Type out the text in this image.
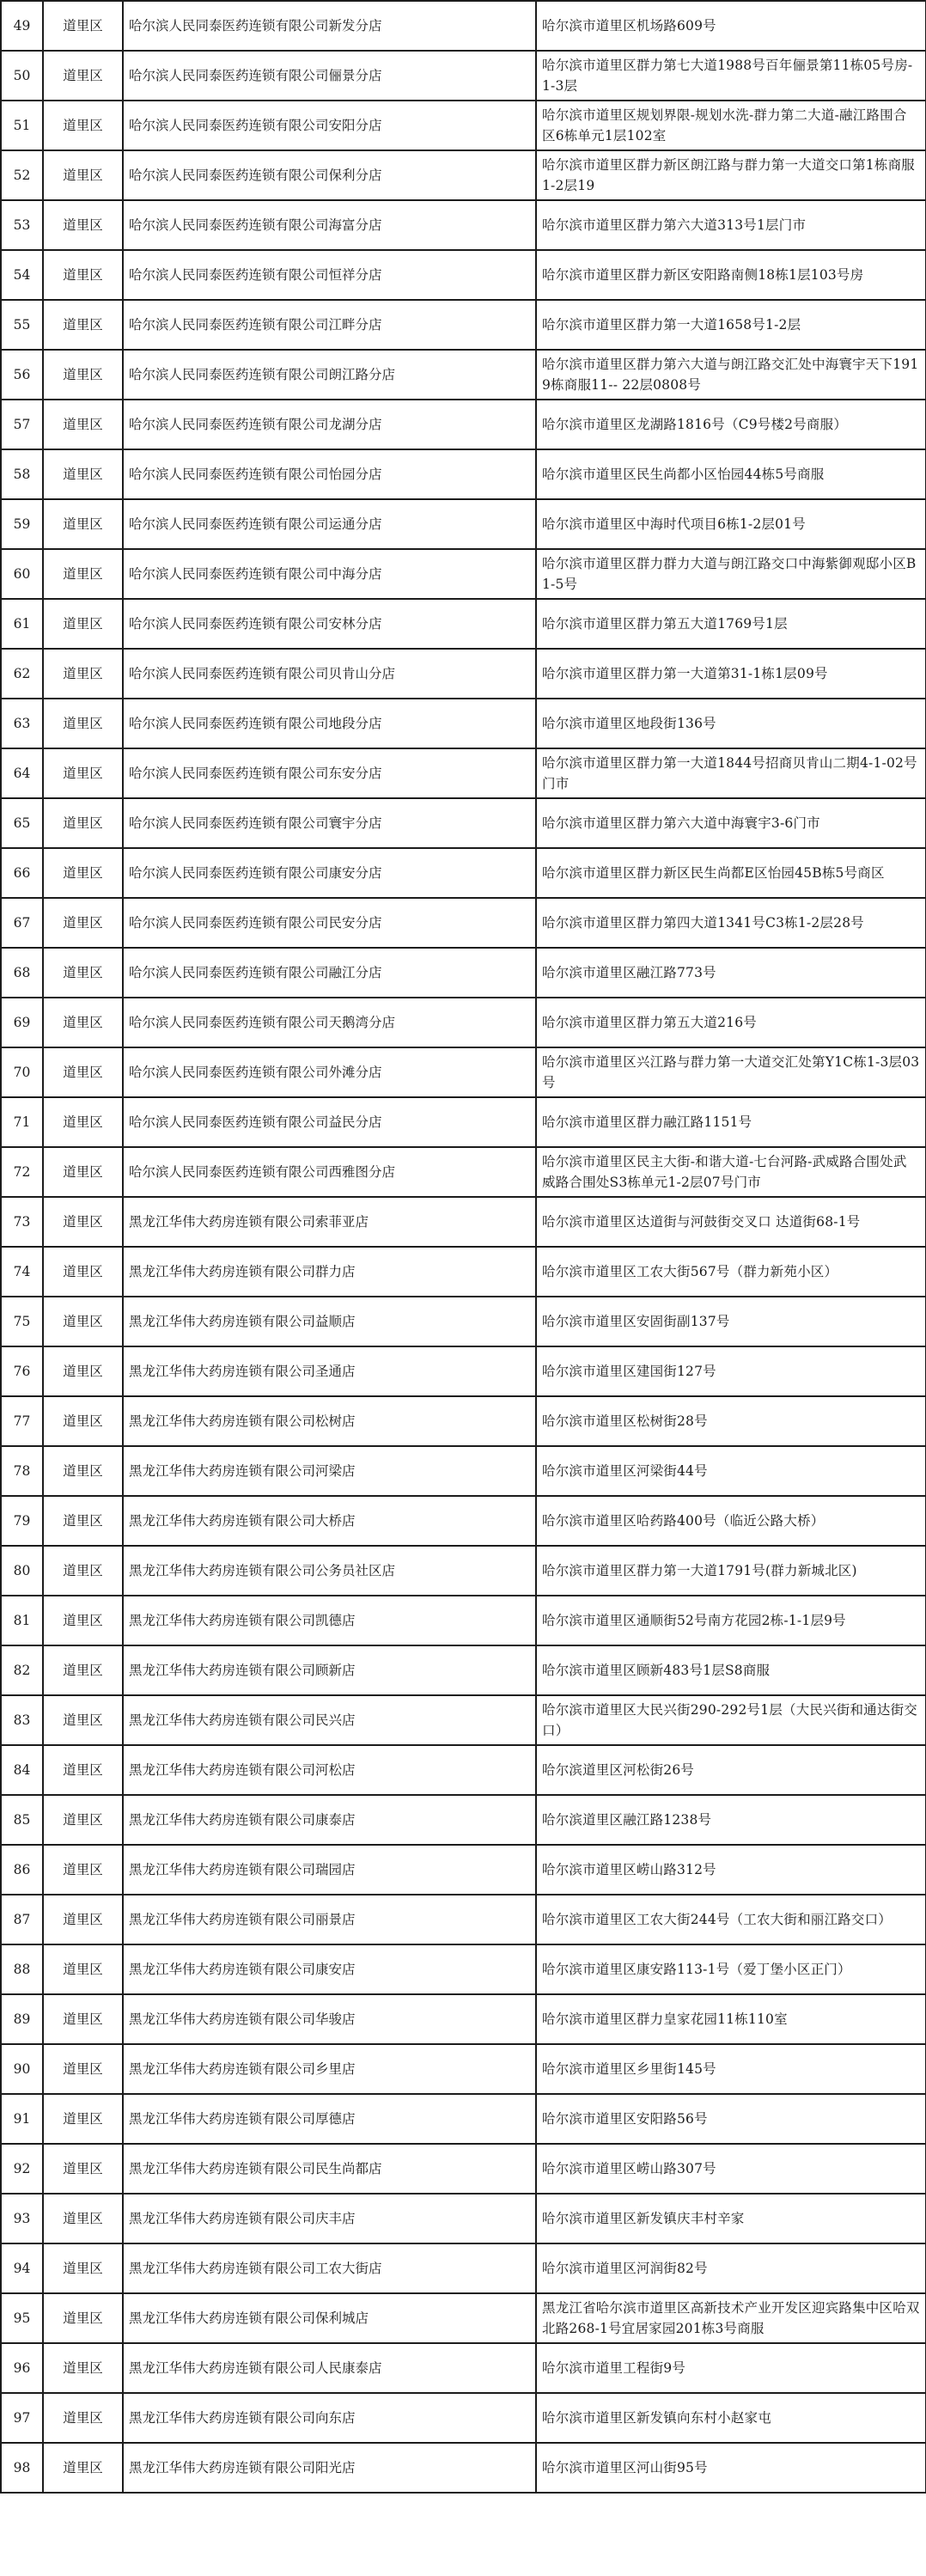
49	道里区	哈尔滨人民同泰医药连锁有限公司新发分店	哈尔滨市道里区机场路609号
50	道里区	哈尔滨人民同泰医药连锁有限公司俪景分店	哈尔滨市道里区群力第七大道1988号百年俪景第11栋05号房-1-3层
51	道里区	哈尔滨人民同泰医药连锁有限公司安阳分店	哈尔滨市道里区规划界限-规划水洗-群力第二大道-融江路围合区6栋单元1层102室
52	道里区	哈尔滨人民同泰医药连锁有限公司保利分店	哈尔滨市道里区群力新区朗江路与群力第一大道交口第1栋商服1-2层19
53	道里区	哈尔滨人民同泰医药连锁有限公司海富分店	哈尔滨市道里区群力第六大道313号1层门市
54	道里区	哈尔滨人民同泰医药连锁有限公司恒祥分店	哈尔滨市道里区群力新区安阳路南侧18栋1层103号房
55	道里区	哈尔滨人民同泰医药连锁有限公司江畔分店	哈尔滨市道里区群力第一大道1658号1-2层
56	道里区	哈尔滨人民同泰医药连锁有限公司朗江路分店	哈尔滨市道里区群力第六大道与朗江路交汇处中海寰宇天下1919栋商服11-- 22层0808号
57	道里区	哈尔滨人民同泰医药连锁有限公司龙湖分店	哈尔滨市道里区龙湖路1816号（C9号楼2号商服）
58	道里区	哈尔滨人民同泰医药连锁有限公司怡园分店	哈尔滨市道里区民生尚都小区怡园44栋5号商服
59	道里区	哈尔滨人民同泰医药连锁有限公司运通分店	哈尔滨市道里区中海时代项目6栋1-2层01号
60	道里区	哈尔滨人民同泰医药连锁有限公司中海分店	哈尔滨市道里区群力群力大道与朗江路交口中海紫御观邸小区B1-5号
61	道里区	哈尔滨人民同泰医药连锁有限公司安林分店	哈尔滨市道里区群力第五大道1769号1层
62	道里区	哈尔滨人民同泰医药连锁有限公司贝肯山分店	哈尔滨市道里区群力第一大道第31-1栋1层09号
63	道里区	哈尔滨人民同泰医药连锁有限公司地段分店	哈尔滨市道里区地段街136号
64	道里区	哈尔滨人民同泰医药连锁有限公司东安分店	哈尔滨市道里区群力第一大道1844号招商贝肯山二期4-1-02号门市
65	道里区	哈尔滨人民同泰医药连锁有限公司寰宇分店	哈尔滨市道里区群力第六大道中海寰宇3-6门市
66	道里区	哈尔滨人民同泰医药连锁有限公司康安分店	哈尔滨市道里区群力新区民生尚都E区怡园45B栋5号商区
67	道里区	哈尔滨人民同泰医药连锁有限公司民安分店	哈尔滨市道里区群力第四大道1341号C3栋1-2层28号
68	道里区	哈尔滨人民同泰医药连锁有限公司融江分店	哈尔滨市道里区融江路773号
69	道里区	哈尔滨人民同泰医药连锁有限公司天鹅湾分店	哈尔滨市道里区群力第五大道216号
70	道里区	哈尔滨人民同泰医药连锁有限公司外滩分店	哈尔滨市道里区兴江路与群力第一大道交汇处第Y1C栋1-3层03号
71	道里区	哈尔滨人民同泰医药连锁有限公司益民分店	哈尔滨市道里区群力融江路1151号
72	道里区	哈尔滨人民同泰医药连锁有限公司西雅图分店	哈尔滨市道里区民主大街-和谐大道-七台河路-武威路合围处武威路合围处S3栋单元1-2层07号门市
73	道里区	黑龙江华伟大药房连锁有限公司索菲亚店	哈尔滨市道里区达道街与河鼓街交叉口 达道街68-1号
74	道里区	黑龙江华伟大药房连锁有限公司群力店	哈尔滨市道里区工农大街567号（群力新苑小区）
75	道里区	黑龙江华伟大药房连锁有限公司益顺店	哈尔滨市道里区安固街副137号
76	道里区	黑龙江华伟大药房连锁有限公司圣通店	哈尔滨市道里区建国街127号
77	道里区	黑龙江华伟大药房连锁有限公司松树店	哈尔滨市道里区松树街28号
78	道里区	黑龙江华伟大药房连锁有限公司河梁店	哈尔滨市道里区河梁街44号
79	道里区	黑龙江华伟大药房连锁有限公司大桥店	哈尔滨市道里区哈药路400号（临近公路大桥）
80	道里区	黑龙江华伟大药房连锁有限公司公务员社区店	哈尔滨市道里区群力第一大道1791号(群力新城北区)
81	道里区	黑龙江华伟大药房连锁有限公司凯德店	哈尔滨市道里区通顺街52号南方花园2栋-1-1层9号
82	道里区	黑龙江华伟大药房连锁有限公司顾新店	哈尔滨市道里区顾新483号1层S8商服
83	道里区	黑龙江华伟大药房连锁有限公司民兴店	哈尔滨市道里区大民兴街290-292号1层（大民兴街和通达街交口）
84	道里区	黑龙江华伟大药房连锁有限公司河松店	哈尔滨道里区河松街26号
85	道里区	黑龙江华伟大药房连锁有限公司康泰店	哈尔滨道里区融江路1238号
86	道里区	黑龙江华伟大药房连锁有限公司瑞园店	哈尔滨市道里区崂山路312号
87	道里区	黑龙江华伟大药房连锁有限公司丽景店	哈尔滨市道里区工农大街244号（工农大街和丽江路交口）
88	道里区	黑龙江华伟大药房连锁有限公司康安店	哈尔滨市道里区康安路113-1号（爱丁堡小区正门）
89	道里区	黑龙江华伟大药房连锁有限公司华骏店	哈尔滨市道里区群力皇家花园11栋110室
90	道里区	黑龙江华伟大药房连锁有限公司乡里店	哈尔滨市道里区乡里街145号
91	道里区	黑龙江华伟大药房连锁有限公司厚德店	哈尔滨市道里区安阳路56号
92	道里区	黑龙江华伟大药房连锁有限公司民生尚都店	哈尔滨市道里区崂山路307号
93	道里区	黑龙江华伟大药房连锁有限公司庆丰店	哈尔滨市道里区新发镇庆丰村辛家
94	道里区	黑龙江华伟大药房连锁有限公司工农大街店	哈尔滨市道里区河润街82号
95	道里区	黑龙江华伟大药房连锁有限公司保利城店	黑龙江省哈尔滨市道里区高新技术产业开发区迎宾路集中区哈双北路268-1号宜居家园201栋3号商服
96	道里区	黑龙江华伟大药房连锁有限公司人民康泰店	哈尔滨市道里工程街9号
97	道里区	黑龙江华伟大药房连锁有限公司向东店	哈尔滨市道里区新发镇向东村小赵家屯
98	道里区	黑龙江华伟大药房连锁有限公司阳光店	哈尔滨市道里区河山街95号
